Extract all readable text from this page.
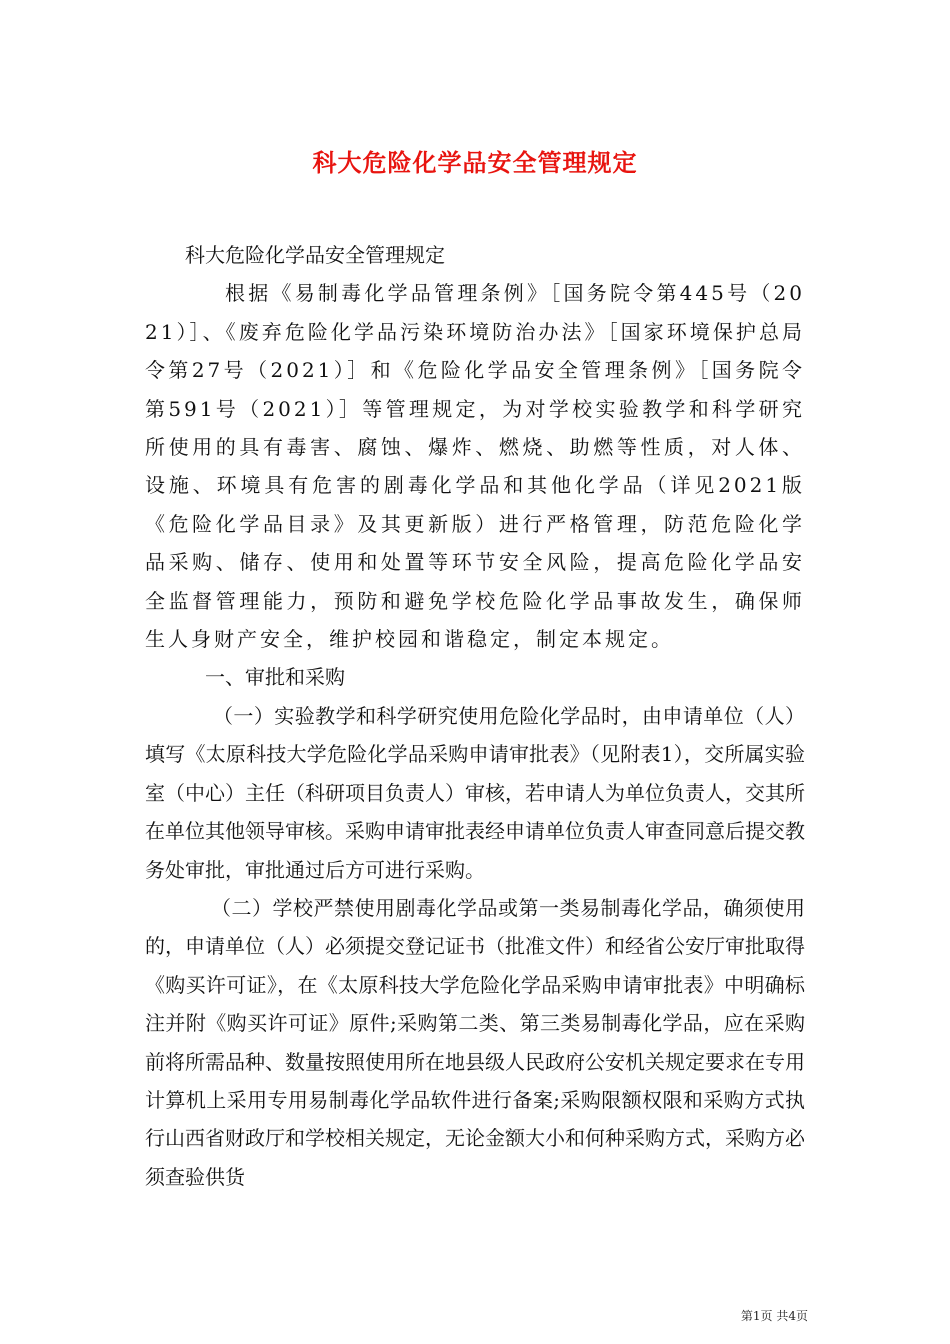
科大危险化学品安全管理规定

科大危险化学品安全管理规定

根据《易制毒化学品管理条例》［国务院令第445号（2021）］、《废弃危险化学品污染环境防治办法》［国家环境保护总局令第27号（2021）］和《危险化学品安全管理条例》［国务院令第591号（2021）］等管理规定，为对学校实验教学和科学研究所使用的具有毒害、腐蚀、爆炸、燃烧、助燃等性质，对人体、设施、环境具有危害的剧毒化学品和其他化学品（详见2021版《危险化学品目录》及其更新版）进行严格管理，防范危险化学品采购、储存、使用和处置等环节安全风险，提高危险化学品安全监督管理能力，预防和避免学校危险化学品事故发生，确保师生人身财产安全，维护校园和谐稳定，制定本规定。

一、审批和采购

（一）实验教学和科学研究使用危险化学品时，由申请单位（人）填写《太原科技大学危险化学品采购申请审批表》（见附表1），交所属实验室（中心）主任（科研项目负责人）审核，若申请人为单位负责人，交其所在单位其他领导审核。采购申请审批表经申请单位负责人审查同意后提交教务处审批，审批通过后方可进行采购。

（二）学校严禁使用剧毒化学品或第一类易制毒化学品，确须使用的，申请单位（人）必须提交登记证书（批准文件）和经省公安厅审批取得《购买许可证》，在《太原科技大学危险化学品采购申请审批表》中明确标注并附《购买许可证》原件;采购第二类、第三类易制毒化学品，应在采购前将所需品种、数量按照使用所在地县级人民政府公安机关规定要求在专用计算机上采用专用易制毒化学品软件进行备案;采购限额权限和采购方式执行山西省财政厅和学校相关规定，无论金额大小和何种采购方式，采购方必须查验供货

第1页 共4页
